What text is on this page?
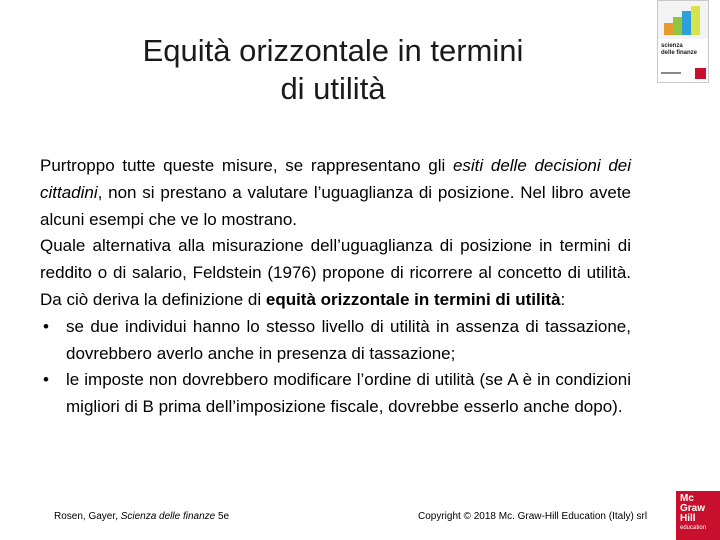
Equità orizzontale in termini
di utilità
scienza
delle finanze

Purtroppo tutte queste misure, se rappresentano gli esiti delle decisioni dei cittadini, non si prestano a valutare l’uguaglianza di posizione. Nel libro avete alcuni esempi che ve lo mostrano.

Quale alternativa alla misurazione dell’uguaglianza di posizione in termini di reddito o di salario, Feldstein (1976) propone di ricorrere al concetto di utilità. Da ciò deriva la definizione di equità orizzontale in termini di utilità:

• se due individui hanno lo stesso livello di utilità in assenza di tassazione, dovrebbero averlo anche in presenza di tassazione;
• le imposte non dovrebbero modificare l’ordine di utilità (se A è in condizioni migliori di B prima dell’imposizione fiscale, dovrebbe esserlo anche dopo).
Rosen, Gayer, Scienza delle finanze 5e	Copyright © 2018 Mc. Graw-Hill Education (Italy) srl
Mc
Graw
Hill
education
